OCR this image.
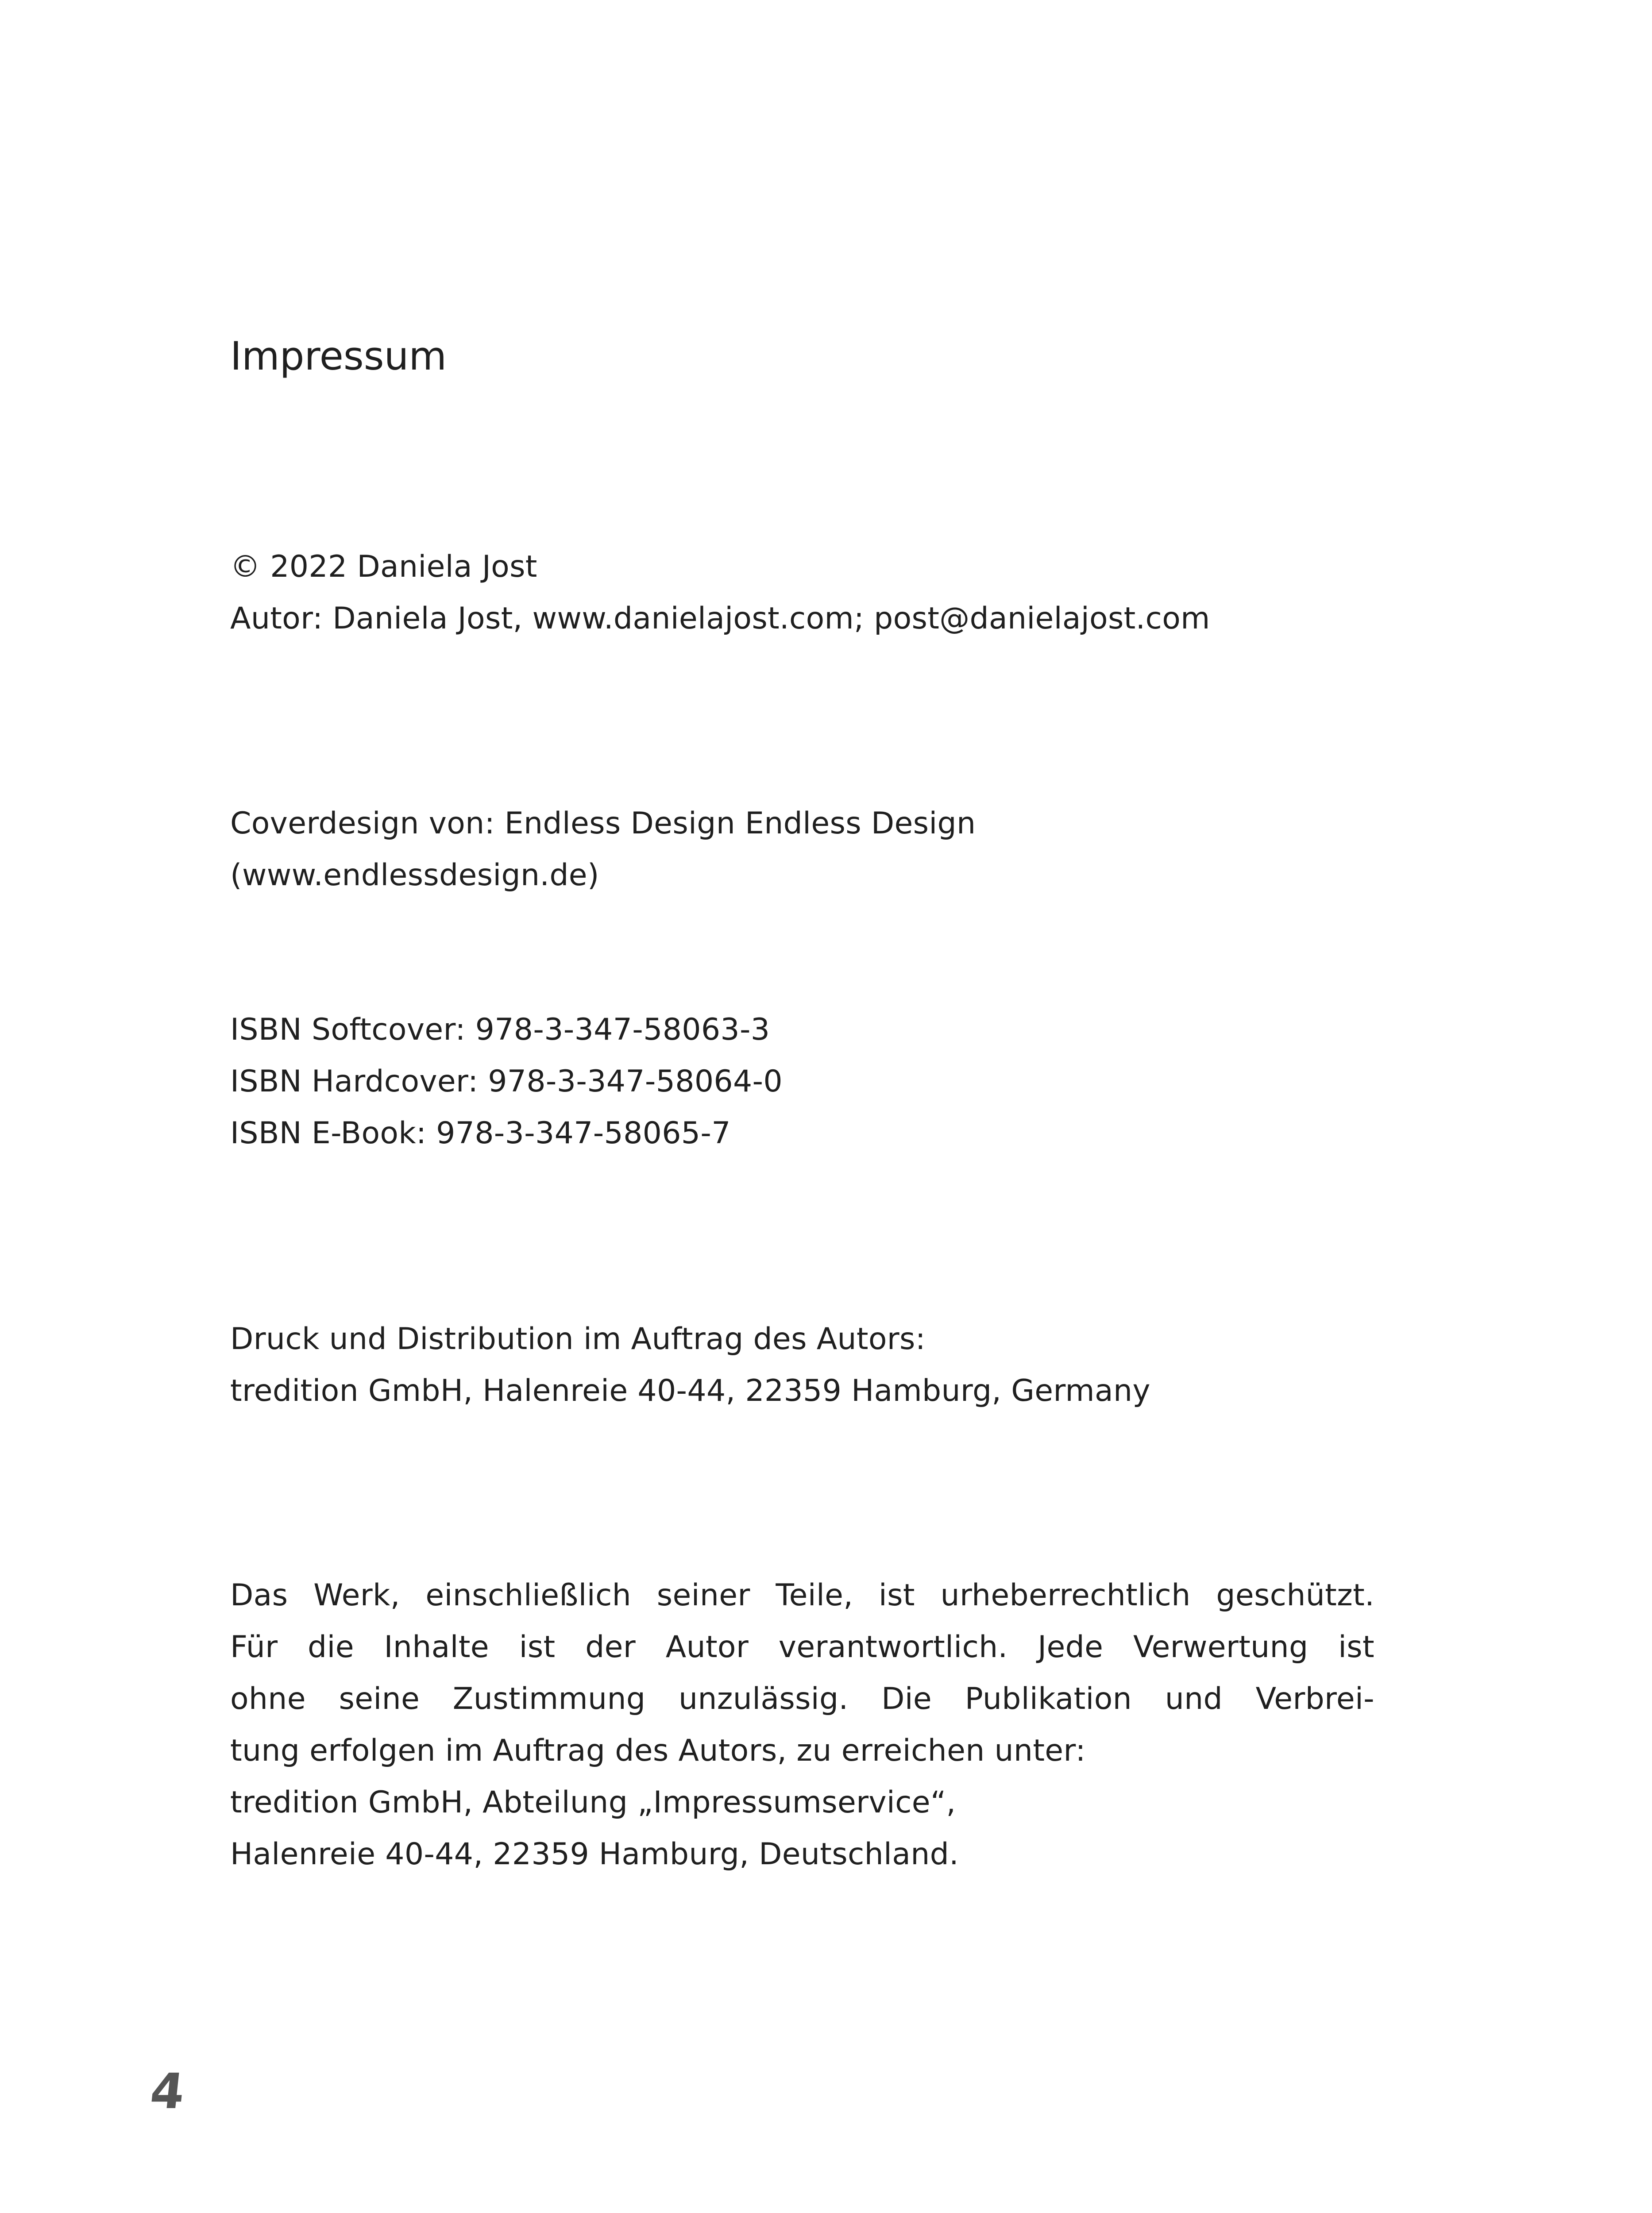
Impressum
© 2022 Daniela Jost
Autor: Daniela Jost, www.danielajost.com; post@danielajost.com
Coverdesign von: Endless Design Endless Design
(www.endlessdesign.de)
ISBN Softcover: 978-3-347-58063-3
ISBN Hardcover: 978-3-347-58064-0
ISBN E-Book: 978-3-347-58065-7
Druck und Distribution im Auftrag des Autors:
tredition GmbH, Halenreie 40-44, 22359 Hamburg, Germany
Das Werk, einschließlich seiner Teile, ist urheberrechtlich geschützt.
Für die Inhalte ist der Autor verantwortlich. Jede Verwertung ist
ohne seine Zustimmung unzulässig. Die Publikation und Verbrei-
tung erfolgen im Auftrag des Autors, zu erreichen unter:
tredition GmbH, Abteilung „Impressumservice“,
Halenreie 40-44, 22359 Hamburg, Deutschland.
4
